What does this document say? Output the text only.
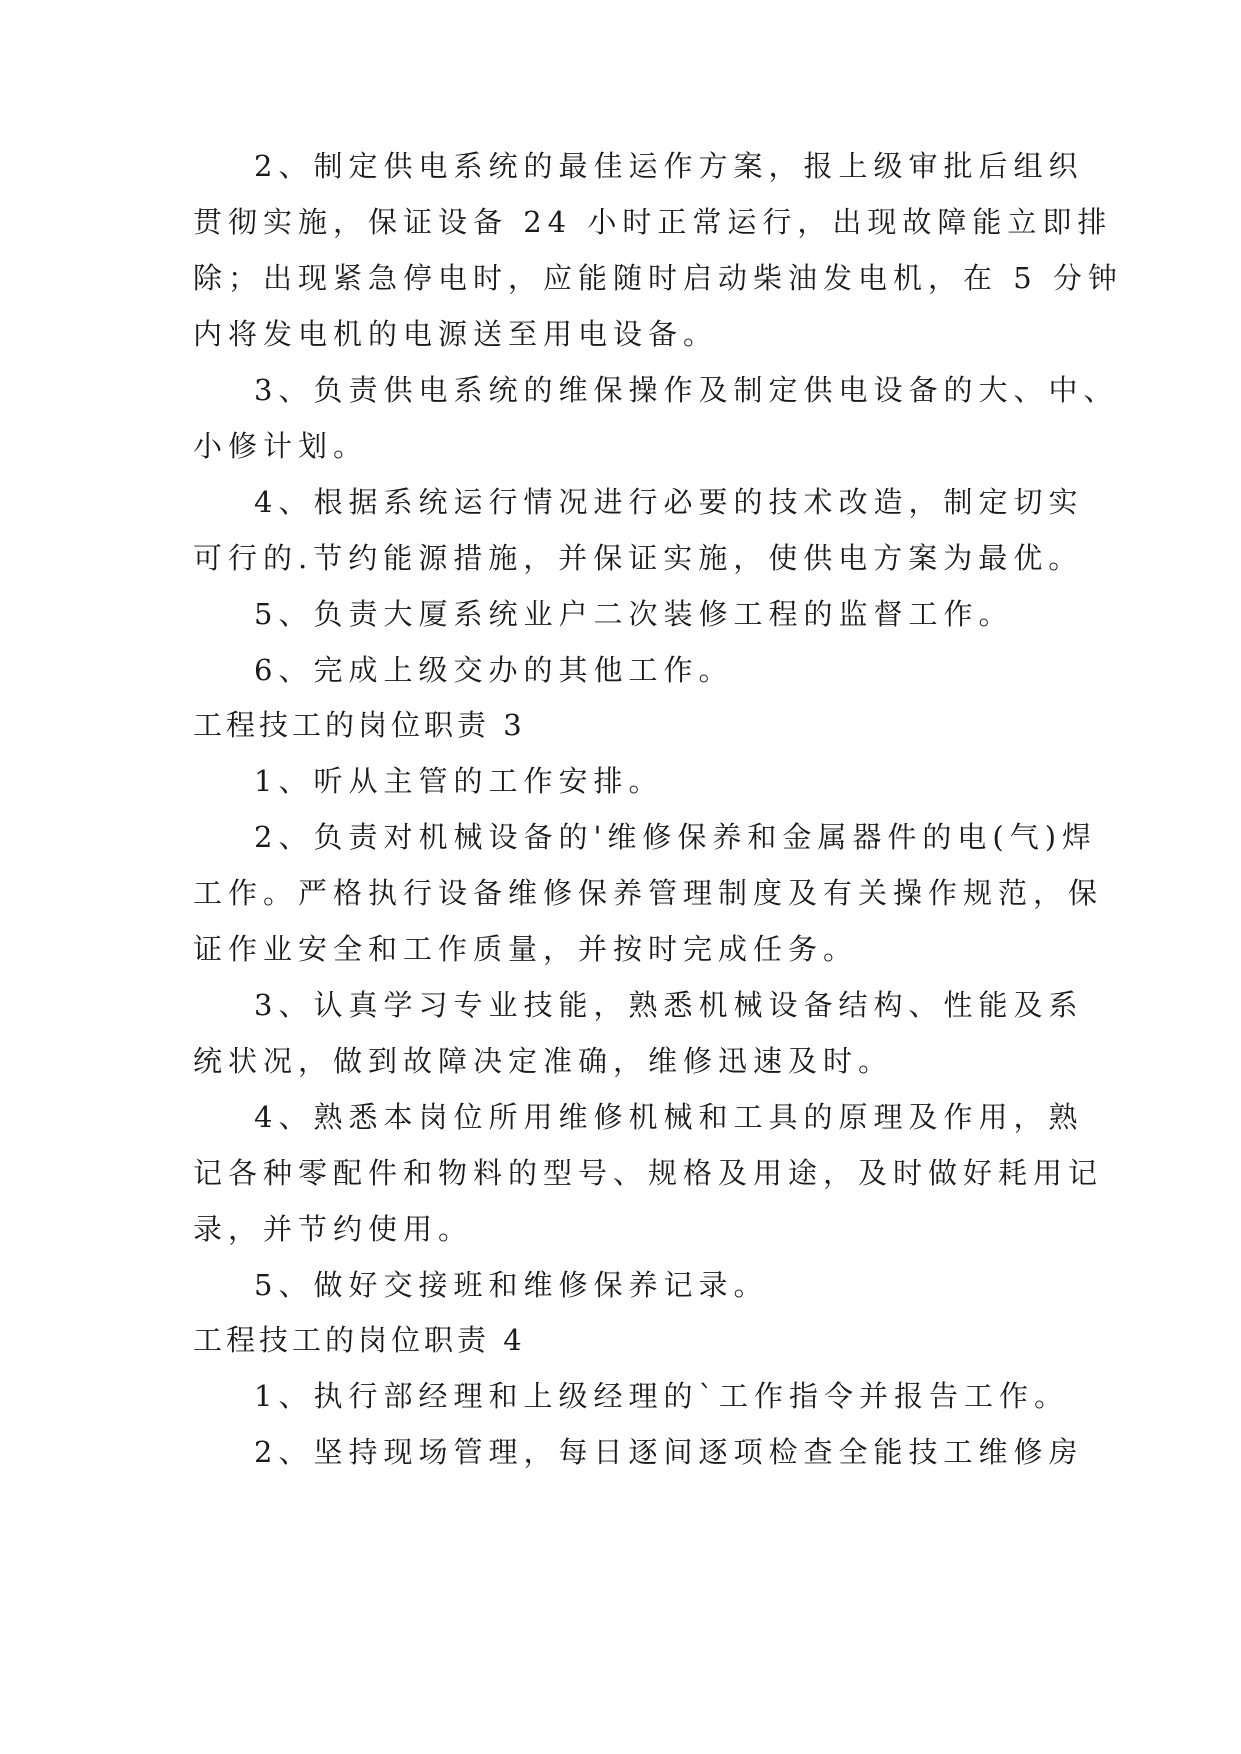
2、制定供电系统的最佳运作方案，报上级审批后组织
贯彻实施，保证设备 24 小时正常运行，出现故障能立即排
除；出现紧急停电时，应能随时启动柴油发电机，在 5 分钟
内将发电机的电源送至用电设备。
3、负责供电系统的维保操作及制定供电设备的大、中、
小修计划。
4、根据系统运行情况进行必要的技术改造，制定切实
可行的.节约能源措施，并保证实施，使供电方案为最优。
5、负责大厦系统业户二次装修工程的监督工作。
6、完成上级交办的其他工作。
工程技工的岗位职责 3
1、听从主管的工作安排。
2、负责对机械设备的'维修保养和金属器件的电(气)焊
工作。严格执行设备维修保养管理制度及有关操作规范，保
证作业安全和工作质量，并按时完成任务。
3、认真学习专业技能，熟悉机械设备结构、性能及系
统状况，做到故障决定准确，维修迅速及时。
4、熟悉本岗位所用维修机械和工具的原理及作用，熟
记各种零配件和物料的型号、规格及用途，及时做好耗用记
录，并节约使用。
5、做好交接班和维修保养记录。
工程技工的岗位职责 4
1、执行部经理和上级经理的`工作指令并报告工作。
2、坚持现场管理，每日逐间逐项检查全能技工维修房
